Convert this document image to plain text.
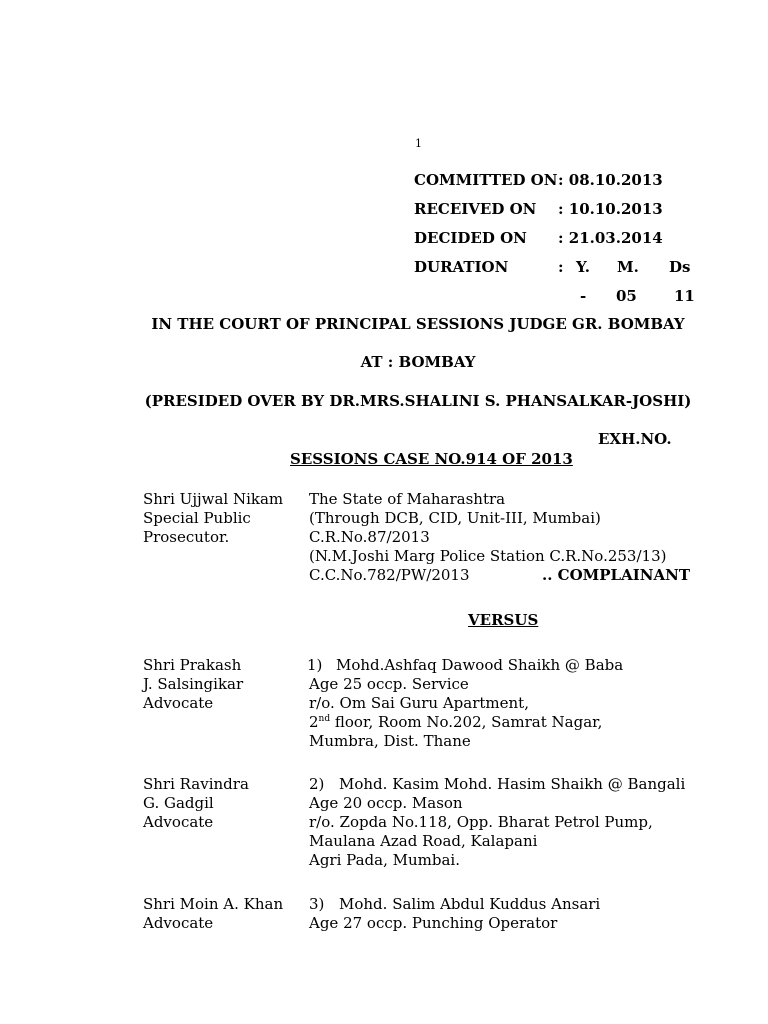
1
COMMITTED ON : 08.10.2013
RECEIVED ON : 10.10.2013
DECIDED ON : 21.03.2014
DURATION	: Y. M. Ds
- 05 11
IN THE COURT OF PRINCIPAL SESSIONS JUDGE GR. BOMBAY
AT : BOMBAY
(PRESIDED OVER BY DR.MRS.SHALINI S. PHANSALKAR-JOSHI)
EXH.NO.
SESSIONS CASE NO.914 OF 2013
Shri Ujjwal Nikam
Special Public
Prosecutor.
The State of Maharashtra
(Through DCB, CID, Unit-III, Mumbai)
C.R.No.87/2013
(N.M.Joshi Marg Police Station C.R.No.253/13)
C.C.No.782/PW/2013	.. COMPLAINANT
VERSUS
Shri Prakash
J. Salsingikar
Advocate
1) Mohd.Ashfaq Dawood Shaikh @ Baba
Age 25 occp. Service
r/o. Om Sai Guru Apartment,
2nd floor, Room No.202, Samrat Nagar,
Mumbra, Dist. Thane
Shri Ravindra
G. Gadgil
Advocate
2) Mohd. Kasim Mohd. Hasim Shaikh @ Bangali
Age 20 occp. Mason
r/o. Zopda No.118, Opp. Bharat Petrol Pump,
Maulana Azad Road, Kalapani
Agri Pada, Mumbai.
Shri Moin A. Khan
Advocate
3) Mohd. Salim Abdul Kuddus Ansari
Age 27 occp. Punching Operator
